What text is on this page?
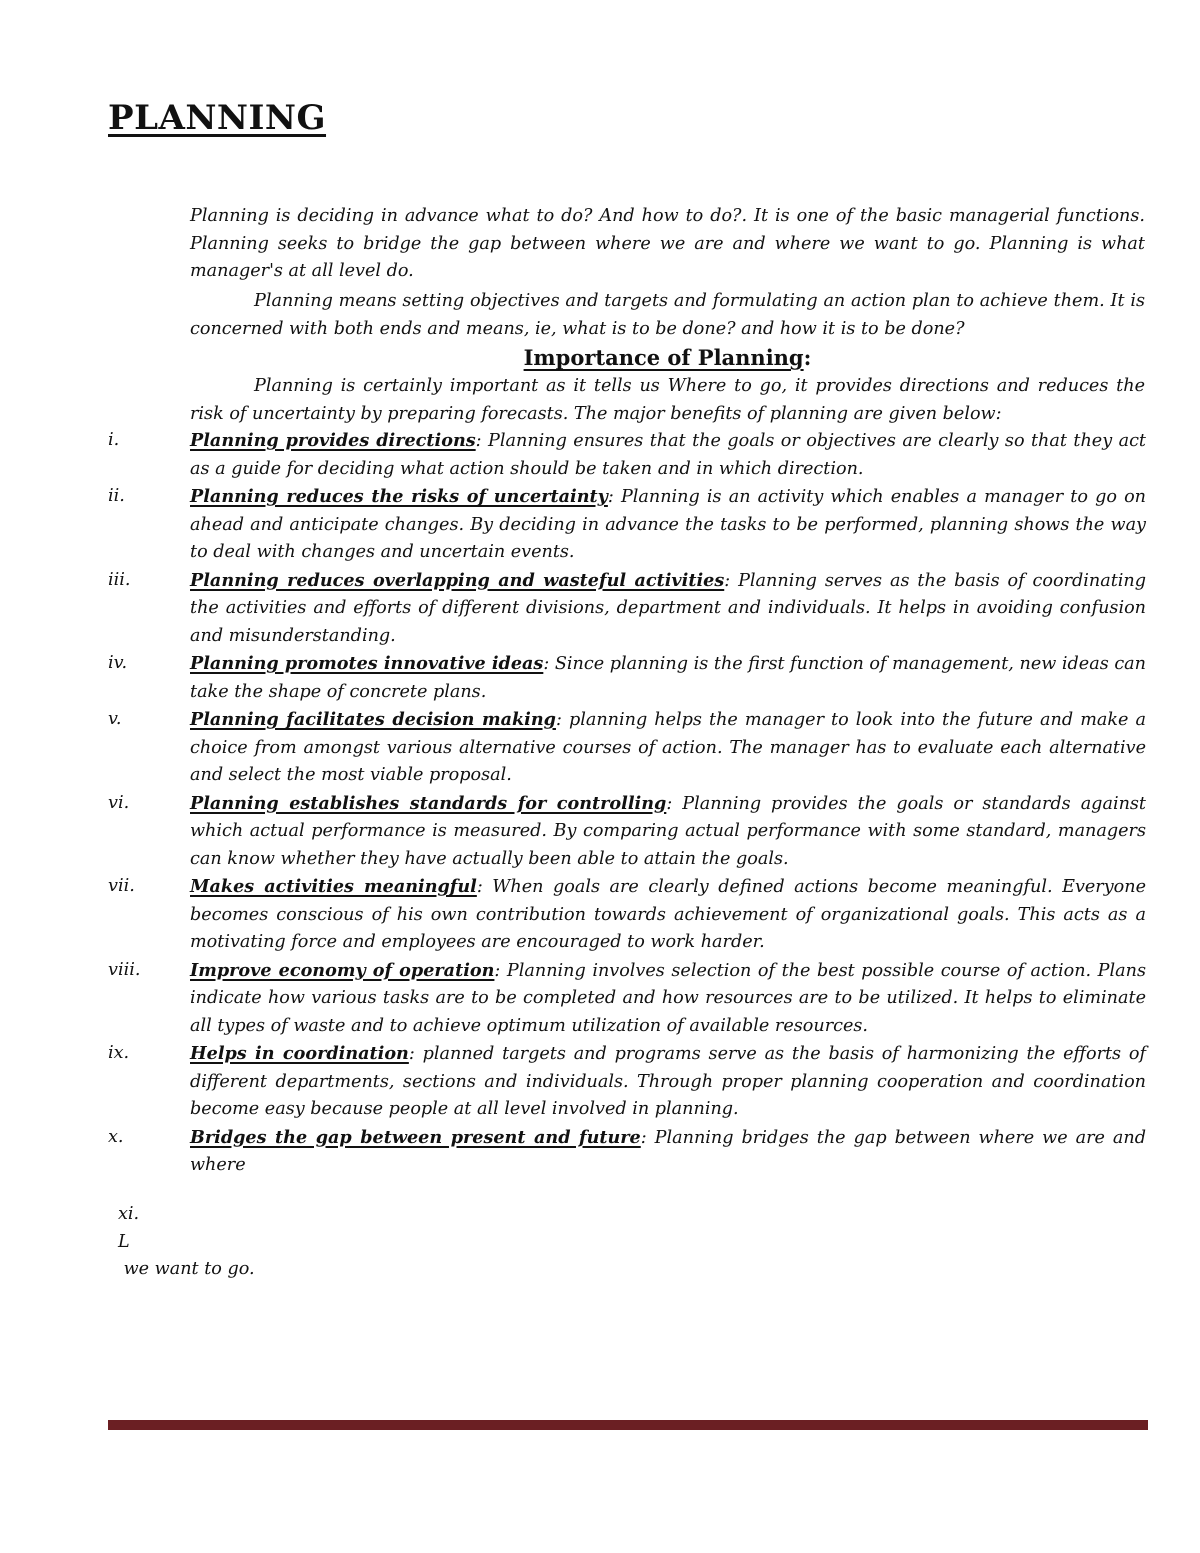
PLANNING

Planning is deciding in advance what to do? And how to do?. It is one of the basic managerial functions. Planning seeks to bridge the gap between where we are and where we want to go. Planning is what manager's at all level do.

Planning means setting objectives and targets and formulating an action plan to achieve them. It is concerned with both ends and means, ie, what is to be done? and how it is to be done?

Importance of Planning:

Planning is certainly important as it tells us Where to go, it provides directions and reduces the risk of uncertainty by preparing forecasts. The major benefits of planning are given below:

i.	Planning provides directions: Planning ensures that the goals or objectives are clearly so that they act as a guide for deciding what action should be taken and in which direction.
ii.	Planning reduces the risks of uncertainty: Planning is an activity which enables a manager to go on ahead and anticipate changes. By deciding in advance the tasks to be performed, planning shows the way to deal with changes and uncertain events.
iii.	Planning reduces overlapping and wasteful activities: Planning serves as the basis of coordinating the activities and efforts of different divisions, department and individuals. It helps in avoiding confusion and misunderstanding.
iv.	Planning promotes innovative ideas: Since planning is the first function of management, new ideas can take the shape of concrete plans.
v.	Planning facilitates decision making: planning helps the manager to look into the future and make a choice from amongst various alternative courses of action. The manager has to evaluate each alternative and select the most viable proposal.
vi.	Planning establishes standards for controlling: Planning provides the goals or standards against which actual performance is measured. By comparing actual performance with some standard, managers can know whether they have actually been able to attain the goals.
vii.	Makes activities meaningful: When goals are clearly defined actions become meaningful. Everyone becomes conscious of his own contribution towards achievement of organizational goals. This acts as a motivating force and employees are encouraged to work harder.
viii.	Improve economy of operation: Planning involves selection of the best possible course of action. Plans indicate how various tasks are to be completed and how resources are to be utilized. It helps to eliminate all types of waste and to achieve optimum utilization of available resources.
ix.	Helps in coordination: planned targets and programs serve as the basis of harmonizing the efforts of different departments, sections and individuals. Through proper planning cooperation and coordination become easy because people at all level involved in planning.
x.	Bridges the gap between present and future: Planning bridges the gap between where we are and where
xi.
L
we want to go.
